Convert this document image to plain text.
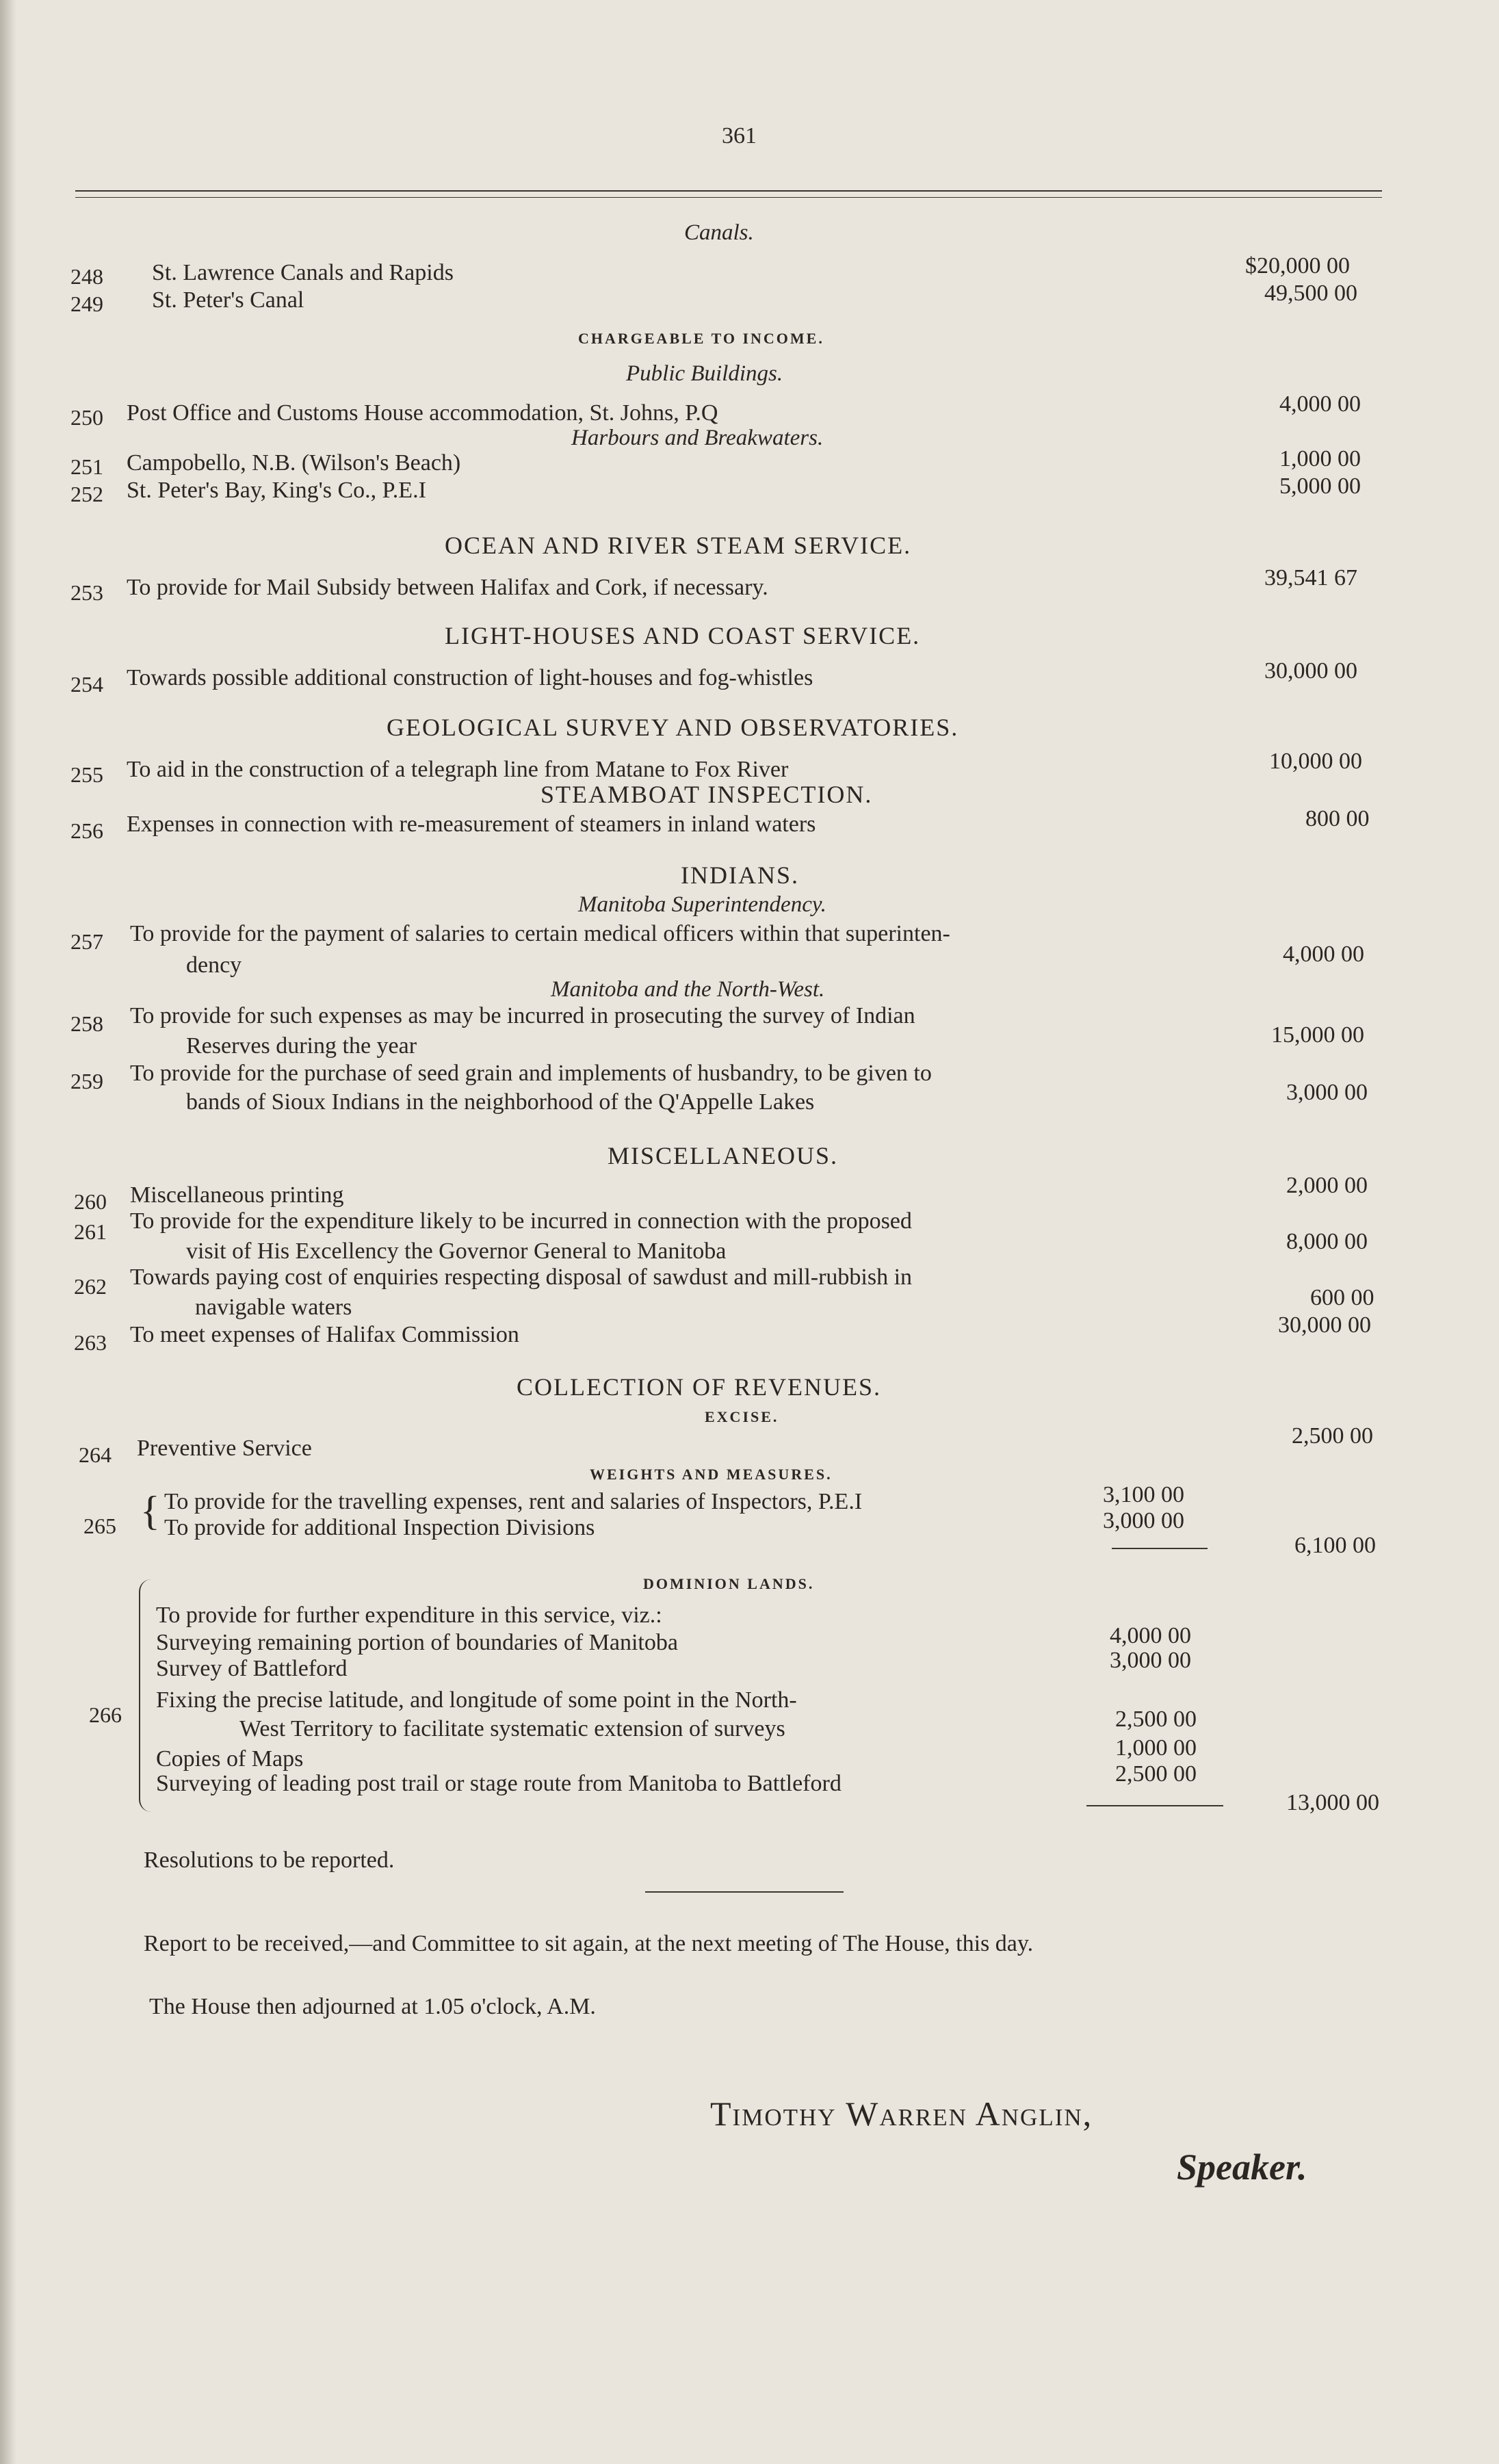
361
Canals.
248 St. Lawrence Canals and Rapids	$20,000 00
249 St. Peter's Canal	49,500 00
CHARGEABLE TO INCOME.
Public Buildings.
250 Post Office and Customs House accommodation, St. Johns, P.Q	4,000 00
Harbours and Breakwaters.
251 Campobello, N.B. (Wilson's Beach)	1,000 00
252 St. Peter's Bay, King's Co., P.E.I	5,000 00
OCEAN AND RIVER STEAM SERVICE.
253 To provide for Mail Subsidy between Halifax and Cork, if necessary.	39,541 67
LIGHT-HOUSES AND COAST SERVICE.
254 Towards possible additional construction of light-houses and fog-whistles	30,000 00
GEOLOGICAL SURVEY AND OBSERVATORIES.
255 To aid in the construction of a telegraph line from Matane to Fox River	10,000 00
STEAMBOAT INSPECTION.
256 Expenses in connection with re-measurement of steamers in inland waters	800 00
INDIANS.
Manitoba Superintendency.
257 To provide for the payment of salaries to certain medical officers within that superinten-
dency	4,000 00
Manitoba and the North-West.
258 To provide for such expenses as may be incurred in prosecuting the survey of Indian
Reserves during the year	15,000 00
259 To provide for the purchase of seed grain and implements of husbandry, to be given to
bands of Sioux Indians in the neighborhood of the Q'Appelle Lakes	3,000 00
MISCELLANEOUS.
260 Miscellaneous printing	2,000 00
261 To provide for the expenditure likely to be incurred in connection with the proposed
visit of His Excellency the Governor General to Manitoba	8,000 00
262 Towards paying cost of enquiries respecting disposal of sawdust and mill-rubbish in
navigable waters	600 00
263 To meet expenses of Halifax Commission	30,000 00
COLLECTION OF REVENUES.
EXCISE.
264 Preventive Service	2,500 00
WEIGHTS AND MEASURES.
265 { To provide for the travelling expenses, rent and salaries of Inspectors, P.E.I	3,100 00
To provide for additional Inspection Divisions	3,000 00
6,100 00
DOMINION LANDS.
266
To provide for further expenditure in this service, viz.:
Surveying remaining portion of boundaries of Manitoba	4,000 00
Survey of Battleford	3,000 00
Fixing the precise latitude, and longitude of some point in the North-
West Territory to facilitate systematic extension of surveys	2,500 00
Copies of Maps	1,000 00
Surveying of leading post trail or stage route from Manitoba to Battleford	2,500 00
13,000 00
Resolutions to be reported.
Report to be received,—and Committee to sit again, at the next meeting of The House, this day.
The House then adjourned at 1.05 o'clock, A.M.
Timothy Warren Anglin,
Speaker.
